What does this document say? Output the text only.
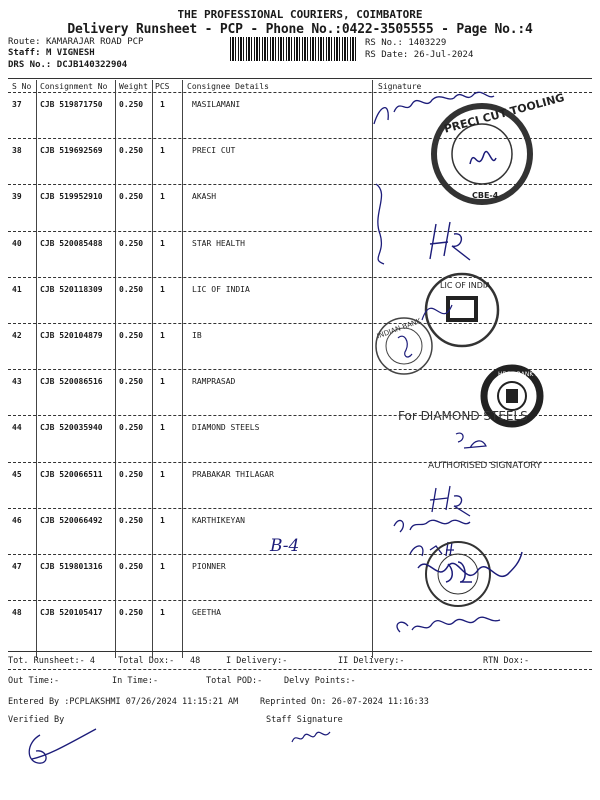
THE PROFESSIONAL COURIERS, COIMBATORE
Delivery Runsheet - PCP - Phone No.:0422-3505555 - Page No.:4
Route: KAMARAJAR ROAD PCP
Staff: M VIGNESH
DRS No.: DCJB140322904
RS No.: 1403229
RS Date: 26-Jul-2024
S No Consignment No Weight PCS Consignee Details	Signature
37 CJB 519871750 0.250 1	MASILAMANI
38 CJB 519692569 0.250 1	PRECI CUT
39 CJB 519952910 0.250 1	AKASH
40 CJB 520085488 0.250 1	STAR HEALTH
41 CJB 520118309 0.250 1	LIC OF INDIA
42 CJB 520104879 0.250 1	IB
43 CJB 520086516 0.250 1	RAMPRASAD
44 CJB 520035940 0.250 1	DIAMOND STEELS
45 CJB 520066511 0.250 1	PRABAKAR THILAGAR
46 CJB 520066492 0.250 1	KARTHIKEYAN
47 CJB 519801316 0.250 1	PIONNER
48 CJB 520105417 0.250 1	GEETHA
PRECI CUT TOOLING
CBE-4
LIC OF INDIA
INDIAN BANK
HDFC BANK LTD
For DIAMOND STEELS
AUTHORISED SIGNATORY
B-4
Tot. Runsheet:- 4	Total Dox:- 48	I Delivery:-	II Delivery:-	RTN Dox:-
Out Time:-	In Time:-	Total POD:-	Delvy Points:-
Entered By :PCPLAKSHMI 07/26/2024 11:15:21 AM	Reprinted On: 26-07-2024 11:16:33
Verified By	Staff Signature
